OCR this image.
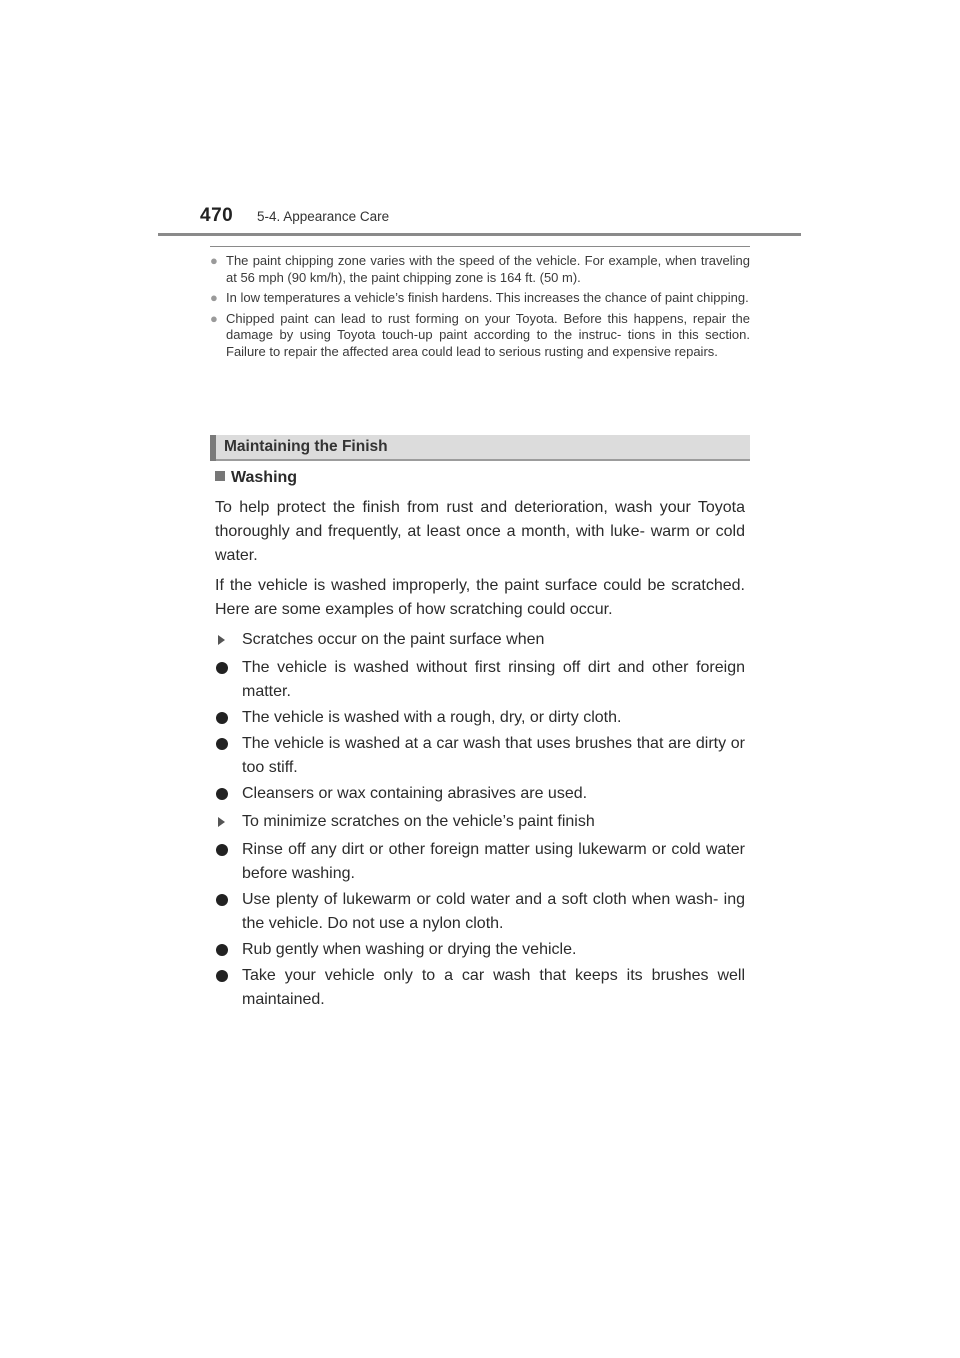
470 5-4. Appearance Care
● The paint chipping zone varies with the speed of the vehicle. For example, when traveling at 56 mph (90 km/h), the paint chipping zone is 164 ft. (50 m).
● In low temperatures a vehicle’s finish hardens. This increases the chance of paint chipping.
● Chipped paint can lead to rust forming on your Toyota. Before this happens, repair the damage by using Toyota touch-up paint according to the instruc- tions in this section. Failure to repair the affected area could lead to serious rusting and expensive repairs.
Maintaining the Finish
Washing
To help protect the finish from rust and deterioration, wash your Toyota thoroughly and frequently, at least once a month, with luke- warm or cold water.
If the vehicle is washed improperly, the paint surface could be scratched. Here are some examples of how scratching could occur.
Scratches occur on the paint surface when
The vehicle is washed without first rinsing off dirt and other foreign matter.
The vehicle is washed with a rough, dry, or dirty cloth.
The vehicle is washed at a car wash that uses brushes that are dirty or too stiff.
Cleansers or wax containing abrasives are used.
To minimize scratches on the vehicle’s paint finish
Rinse off any dirt or other foreign matter using lukewarm or cold water before washing.
Use plenty of lukewarm or cold water and a soft cloth when wash- ing the vehicle. Do not use a nylon cloth.
Rub gently when washing or drying the vehicle.
Take your vehicle only to a car wash that keeps its brushes well maintained.
